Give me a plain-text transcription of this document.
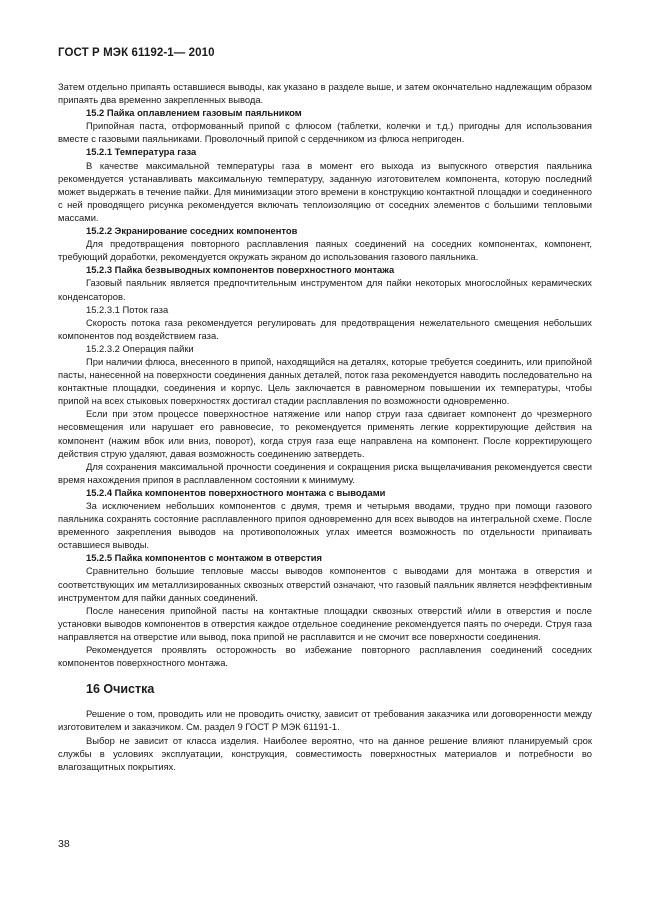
ГОСТ Р МЭК 61192-1— 2010

Затем отдельно припаять оставшиеся выводы, как указано в разделе выше, и затем окончательно надлежащим образом припаять два временно закрепленных вывода.

15.2 Пайка оплавлением газовым паяльником

Припойная паста, отформованный припой с флюсом (таблетки, колечки и т.д.) пригодны для использования вместе с газовыми паяльниками. Проволочный припой с сердечником из флюса непригоден.

15.2.1 Температура газа

В качестве максимальной температуры газа в момент его выхода из выпускного отверстия паяльника рекомендуется устанавливать максимальную температуру, заданную изготовителем компонента, которую последний может выдержать в течение пайки. Для минимизации этого времени в конструкцию контактной площадки и соединенного с ней проводящего рисунка рекомендуется включать теплоизоляцию от соседних элементов с большими тепловыми массами.

15.2.2 Экранирование соседних компонентов

Для предотвращения повторного расплавления паяных соединений на соседних компонентах, компонент, требующий доработки, рекомендуется окружать экраном до использования газового паяльника.

15.2.3 Пайка безвыводных компонентов поверхностного монтажа

Газовый паяльник является предпочтительным инструментом для пайки некоторых многослойных керамических конденсаторов.

15.2.3.1 Поток газа

Скорость потока газа рекомендуется регулировать для предотвращения нежелательного смещения небольших компонентов под воздействием газа.

15.2.3.2 Операция пайки

При наличии флюса, внесенного в припой, находящийся на деталях, которые требуется соединить, или припойной пасты, нанесенной на поверхности соединения данных деталей, поток газа рекомендуется наводить последовательно на контактные площадки, соединения и корпус. Цель заключается в равномерном повышении их температуры, чтобы припой на всех стыковых поверхностях достигал стадии расплавления по возможности одновременно.

Если при этом процессе поверхностное натяжение или напор струи газа сдвигает компонент до чрезмерного несовмещения или нарушает его равновесие, то рекомендуется применять легкие корректирующие действия на компонент (нажим вбок или вниз, поворот), когда струя газа еще направлена на компонент. После корректирующего действия струю удаляют, давая возможность соединению затвердеть.

Для сохранения максимальной прочности соединения и сокращения риска выщелачивания рекомендуется свести время нахождения припоя в расплавленном состоянии к минимуму.

15.2.4 Пайка компонентов поверхностного монтажа с выводами

За исключением небольших компонентов с двумя, тремя и четырьмя вводами, трудно при помощи газового паяльника сохранять состояние расплавленного припоя одновременно для всех выводов на интегральной схеме. После временного закрепления выводов на противоположных углах имеется возможность по отдельности припаивать оставшиеся выводы.

15.2.5 Пайка компонентов с монтажом в отверстия

Сравнительно большие тепловые массы выводов компонентов с выводами для монтажа в отверстия и соответствующих им металлизированных сквозных отверстий означают, что газовый паяльник является неэффективным инструментом для пайки данных соединений.

После нанесения припойной пасты на контактные площадки сквозных отверстий и/или в отверстия и после установки выводов компонентов в отверстия каждое отдельное соединение рекомендуется паять по очереди. Струя газа направляется на отверстие или вывод, пока припой не расплавится и не смочит все поверхности соединения.

Рекомендуется проявлять осторожность во избежание повторного расплавления соединений соседних компонентов поверхностного монтажа.

16 Очистка

Решение о том, проводить или не проводить очистку, зависит от требования заказчика или договоренности между изготовителем и заказчиком. См. раздел 9 ГОСТ Р МЭК 61191-1.

Выбор не зависит от класса изделия. Наиболее вероятно, что на данное решение влияют планируемый срок службы в условиях эксплуатации, конструкция, совместимость поверхностных материалов и потребности во влагозащитных покрытиях.

38
